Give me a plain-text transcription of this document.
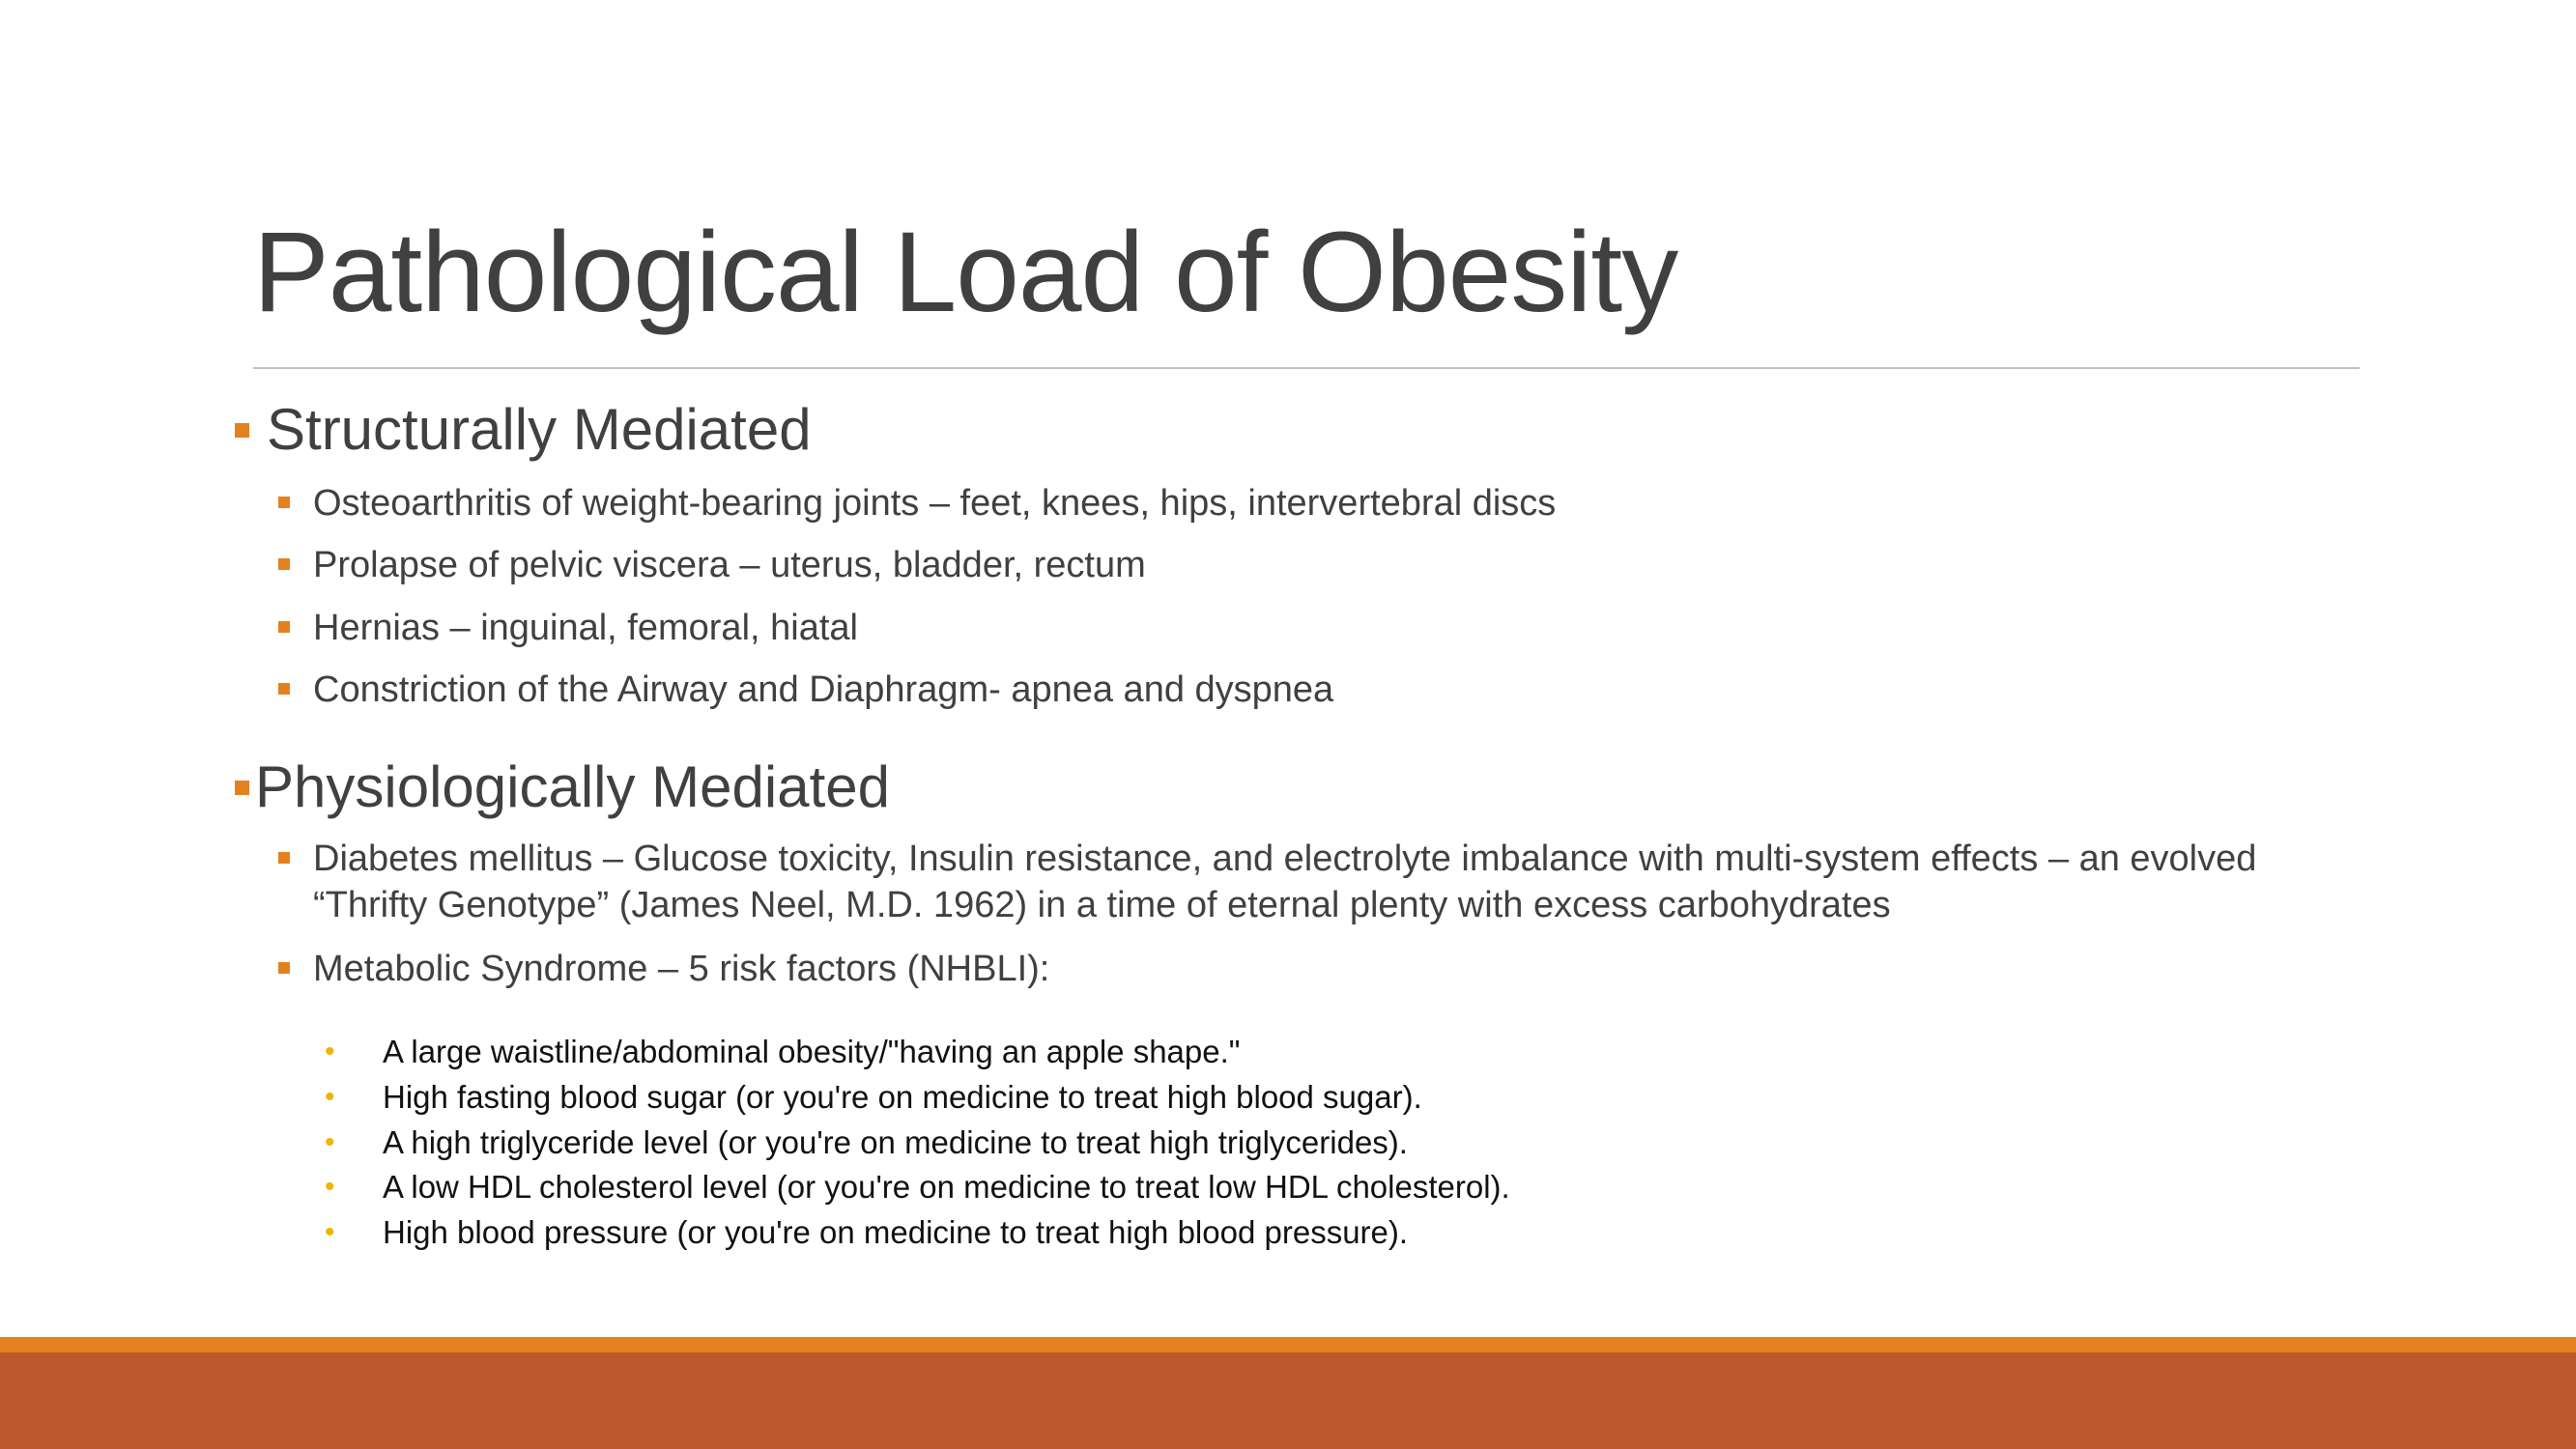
Pathological Load of Obesity
Structurally Mediated
Osteoarthritis of weight-bearing joints – feet, knees, hips, intervertebral discs
Prolapse of pelvic viscera – uterus, bladder, rectum
Hernias – inguinal, femoral, hiatal
Constriction of the Airway and Diaphragm- apnea and dyspnea
Physiologically Mediated
Diabetes mellitus – Glucose toxicity, Insulin resistance, and electrolyte imbalance with multi-system effects – an evolved “Thrifty Genotype” (James Neel, M.D. 1962) in a time of eternal plenty with excess carbohydrates
Metabolic Syndrome – 5 risk factors (NHBLI):
• A large waistline/abdominal obesity/"having an apple shape."
• High fasting blood sugar (or you're on medicine to treat high blood sugar).
• A high triglyceride level (or you're on medicine to treat high triglycerides).
• A low HDL cholesterol level (or you're on medicine to treat low HDL cholesterol).
• High blood pressure (or you're on medicine to treat high blood pressure).
